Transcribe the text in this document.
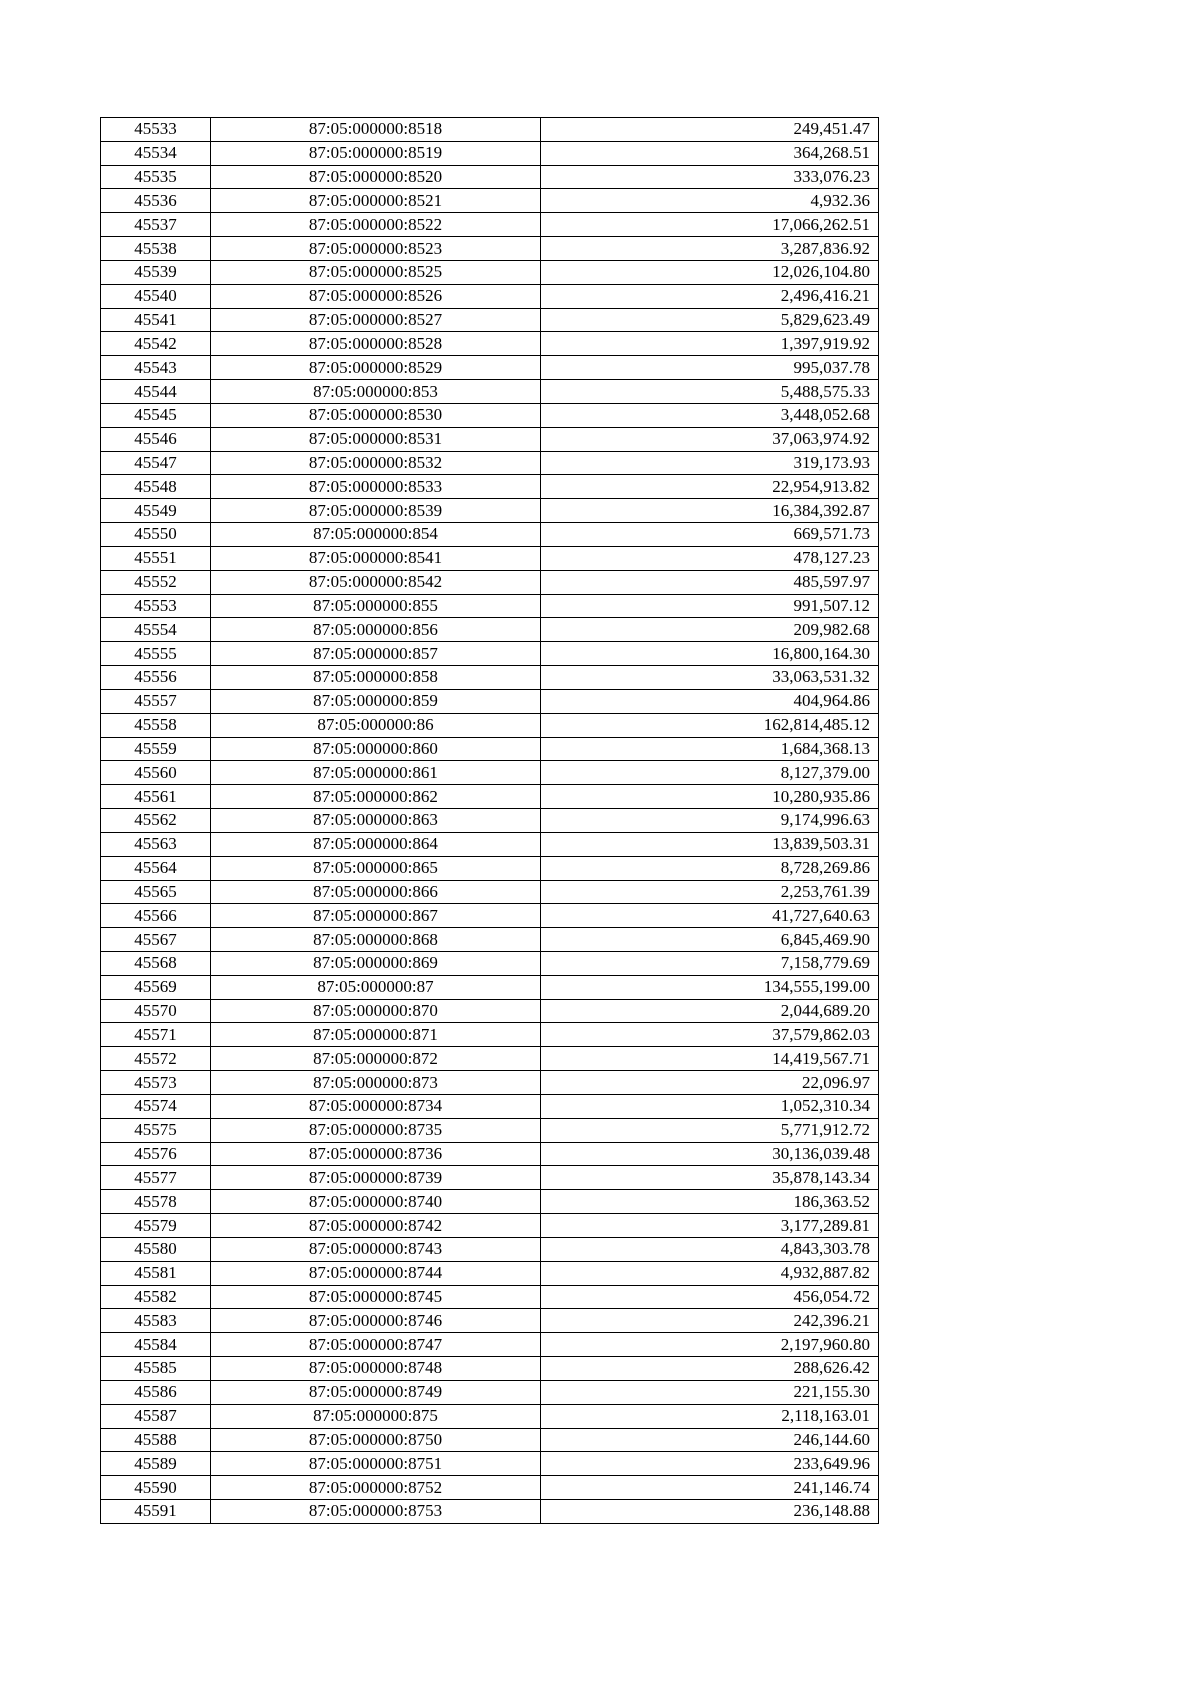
45533	87:05:000000:8518	249,451.47
45534	87:05:000000:8519	364,268.51
45535	87:05:000000:8520	333,076.23
45536	87:05:000000:8521	4,932.36
45537	87:05:000000:8522	17,066,262.51
45538	87:05:000000:8523	3,287,836.92
45539	87:05:000000:8525	12,026,104.80
45540	87:05:000000:8526	2,496,416.21
45541	87:05:000000:8527	5,829,623.49
45542	87:05:000000:8528	1,397,919.92
45543	87:05:000000:8529	995,037.78
45544	87:05:000000:853	5,488,575.33
45545	87:05:000000:8530	3,448,052.68
45546	87:05:000000:8531	37,063,974.92
45547	87:05:000000:8532	319,173.93
45548	87:05:000000:8533	22,954,913.82
45549	87:05:000000:8539	16,384,392.87
45550	87:05:000000:854	669,571.73
45551	87:05:000000:8541	478,127.23
45552	87:05:000000:8542	485,597.97
45553	87:05:000000:855	991,507.12
45554	87:05:000000:856	209,982.68
45555	87:05:000000:857	16,800,164.30
45556	87:05:000000:858	33,063,531.32
45557	87:05:000000:859	404,964.86
45558	87:05:000000:86	162,814,485.12
45559	87:05:000000:860	1,684,368.13
45560	87:05:000000:861	8,127,379.00
45561	87:05:000000:862	10,280,935.86
45562	87:05:000000:863	9,174,996.63
45563	87:05:000000:864	13,839,503.31
45564	87:05:000000:865	8,728,269.86
45565	87:05:000000:866	2,253,761.39
45566	87:05:000000:867	41,727,640.63
45567	87:05:000000:868	6,845,469.90
45568	87:05:000000:869	7,158,779.69
45569	87:05:000000:87	134,555,199.00
45570	87:05:000000:870	2,044,689.20
45571	87:05:000000:871	37,579,862.03
45572	87:05:000000:872	14,419,567.71
45573	87:05:000000:873	22,096.97
45574	87:05:000000:8734	1,052,310.34
45575	87:05:000000:8735	5,771,912.72
45576	87:05:000000:8736	30,136,039.48
45577	87:05:000000:8739	35,878,143.34
45578	87:05:000000:8740	186,363.52
45579	87:05:000000:8742	3,177,289.81
45580	87:05:000000:8743	4,843,303.78
45581	87:05:000000:8744	4,932,887.82
45582	87:05:000000:8745	456,054.72
45583	87:05:000000:8746	242,396.21
45584	87:05:000000:8747	2,197,960.80
45585	87:05:000000:8748	288,626.42
45586	87:05:000000:8749	221,155.30
45587	87:05:000000:875	2,118,163.01
45588	87:05:000000:8750	246,144.60
45589	87:05:000000:8751	233,649.96
45590	87:05:000000:8752	241,146.74
45591	87:05:000000:8753	236,148.88
